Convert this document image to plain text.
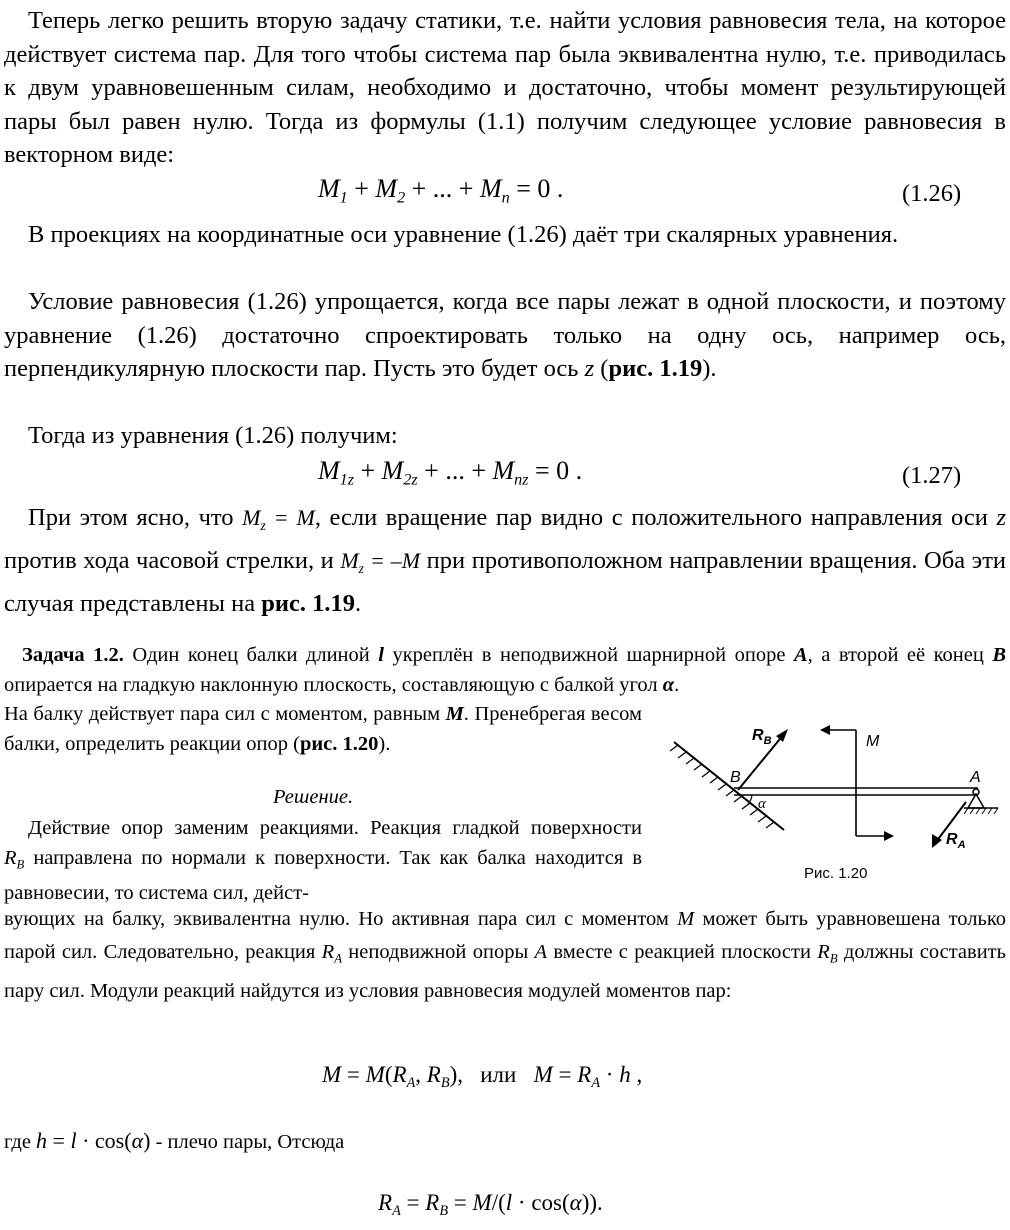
Теперь легко решить вторую задачу статики, т.е. найти условия равновесия тела, на которое действует система пар. Для того чтобы система пар была эквивалентна нулю, т.е. приводилась к двум уравновешенным силам, необходимо и достаточно, чтобы момент результирующей пары был равен нулю. Тогда из формулы (1.1) получим следующее условие равновесия в векторном виде:

$M_1 + M_2$ + ... + $M_n = 0$ .	(1.26)

В проекциях на координатные оси уравнение (1.26) даёт три скалярных уравнения.

Условие равновесия (1.26) упрощается, когда все пары лежат в одной плоскости, и поэтому уравнение (1.26) достаточно спроектировать только на одну ось, например ось, перпендикулярную плоскости пар. Пусть это будет ось z (рис. 1.19).

Тогда из уравнения (1.26) получим:

$M_{1z} + M_{2z}$ + ... + $M_{nz} = 0$ .	(1.27)

При этом ясно, что $M_z = M$, если вращение пар видно с положительного направления оси z против хода часовой стрелки, и $M_z = -M$ при противоположном направлении вращения. Оба эти случая представлены на рис. 1.19.

Задача 1.2. Один конец балки длиной l укреплён в неподвижной шарнирной опоре A, а второй её конец B опирается на гладкую наклонную плоскость, составляющую с балкой угол α.

На балку действует пара сил с моментом, равным M. Пренебрегая весом балки, определить реакции опор (рис. 1.20).

Решение.

Действие опор заменим реакциями. Реакция гладкой поверхности $R_B$ направлена по нормали к поверхности. Так как балка находится в равновесии, то система сил, дейст-

вующих на балку, эквивалентна нулю. Но активная пара сил с моментом M может быть уравновешена только парой сил. Следовательно, реакция $R_A$ неподвижной опоры A вместе с реакцией плоскости $R_B$ должны составить пару сил. Модули реакций найдутся из условия равновесия модулей моментов пар:

$M = M(R_A$, $R_B$),   или $M = R_A \cdot h$ ,
где h = l · cos(α) - плечо пары, Отсюда
$R_A = R_B = M/(l \cdot \cos(\alpha))$.
$R_B$	M
B	A
α
$R_A$
Рис. 1.20
